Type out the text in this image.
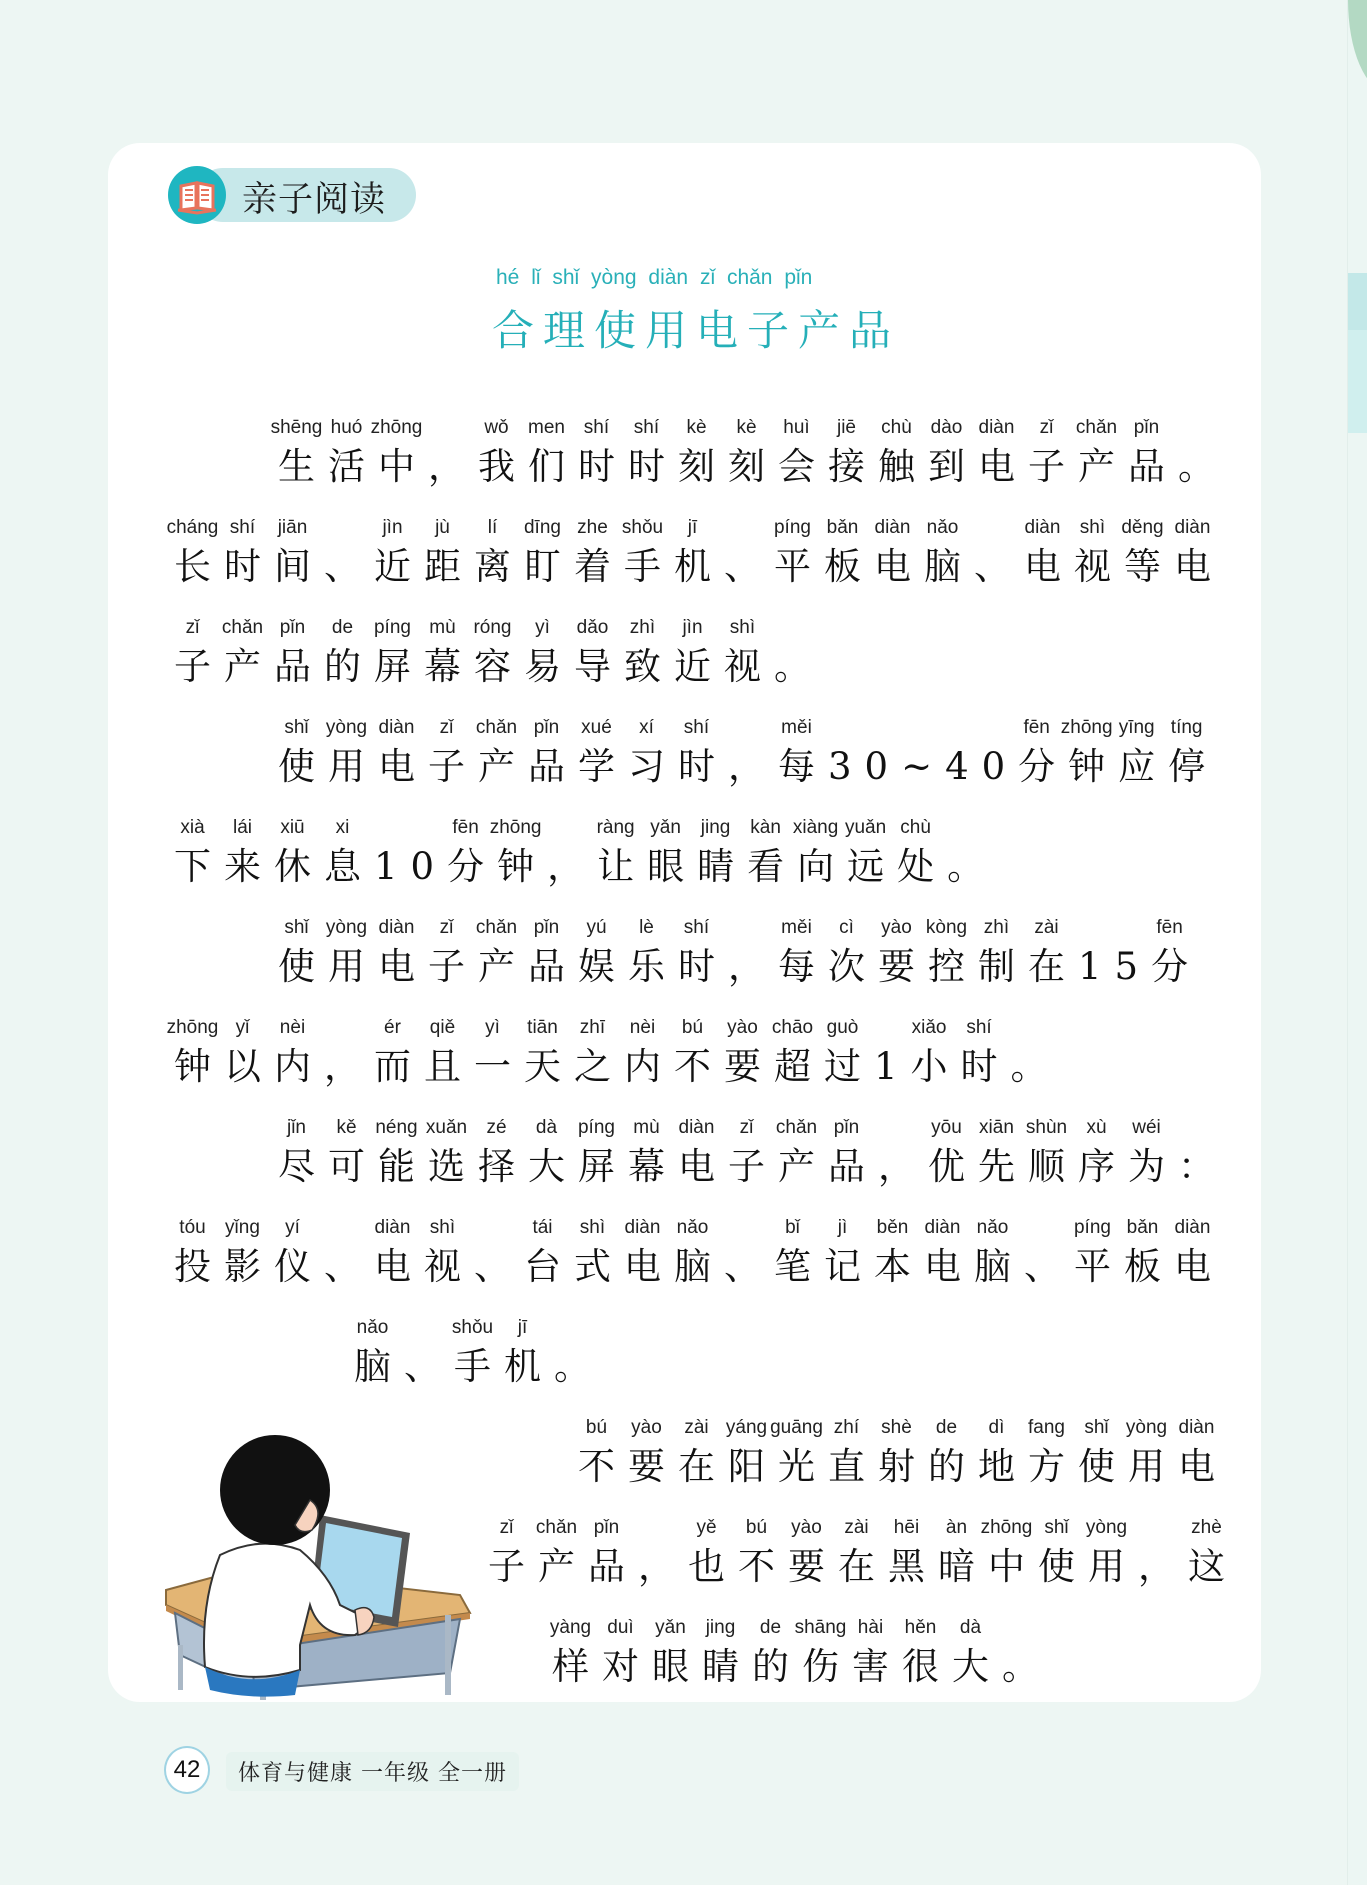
亲子阅读
hé lǐ shǐ yòng diàn zǐ chǎn pǐn
合理使用电子产品
shēng huó zhōng	wǒ men shí shí kè kè huì jiē chù dào diàn zǐ chǎn pǐn
生活中，我们时时刻刻会接触到电子产品。
cháng shí jiān	jìn jù lí dīng zhe shǒu jī	píng bǎn diàn nǎo	diàn shì děng diàn
长时间、近距离盯着手机、平板电脑、电视等电
zǐ chǎn pǐn de píng mù róng yì dǎo zhì jìn shì
子产品的屏幕容易导致近视。
shǐ yòng diàn zǐ chǎn pǐn xué xí shí	měi	fēn zhōng yīng tíng
使用电子产品学习时，每30~40分钟应停
xià lái xiū xi	fēn zhōng	ràng yǎn jing kàn xiàng yuǎn chù
下来休息10分钟，让眼睛看向远处。
shǐ yòng diàn zǐ chǎn pǐn yú lè shí	měi cì yào kòng zhì zài	fēn
使用电子产品娱乐时，每次要控制在15分
zhōng yǐ nèi	ér qiě yì tiān zhī nèi bú yào chāo guò	xiǎo shí
钟以内，而且一天之内不要超过1小时。
jǐn kě néng xuǎn zé dà píng mù diàn zǐ chǎn pǐn	yōu xiān shùn xù wéi
尽可能选择大屏幕电子产品，优先顺序为：
tóu yǐng yí	diàn shì	tái shì diàn nǎo	bǐ jì běn diàn nǎo	píng bǎn diàn
投影仪、电视、台式电脑、笔记本电脑、平板电
nǎo	shǒu jī
脑、手机。
bú yào zài yáng guāng zhí shè de dì fang shǐ yòng diàn
不要在阳光直射的地方使用电
zǐ chǎn pǐn	yě bú yào zài hēi àn zhōng shǐ yòng	zhè
子产品，也不要在黑暗中使用，这
yàng duì yǎn jing de shāng hài hěn dà
样对眼睛的伤害很大。
42	体育与健康 一年级 全一册
